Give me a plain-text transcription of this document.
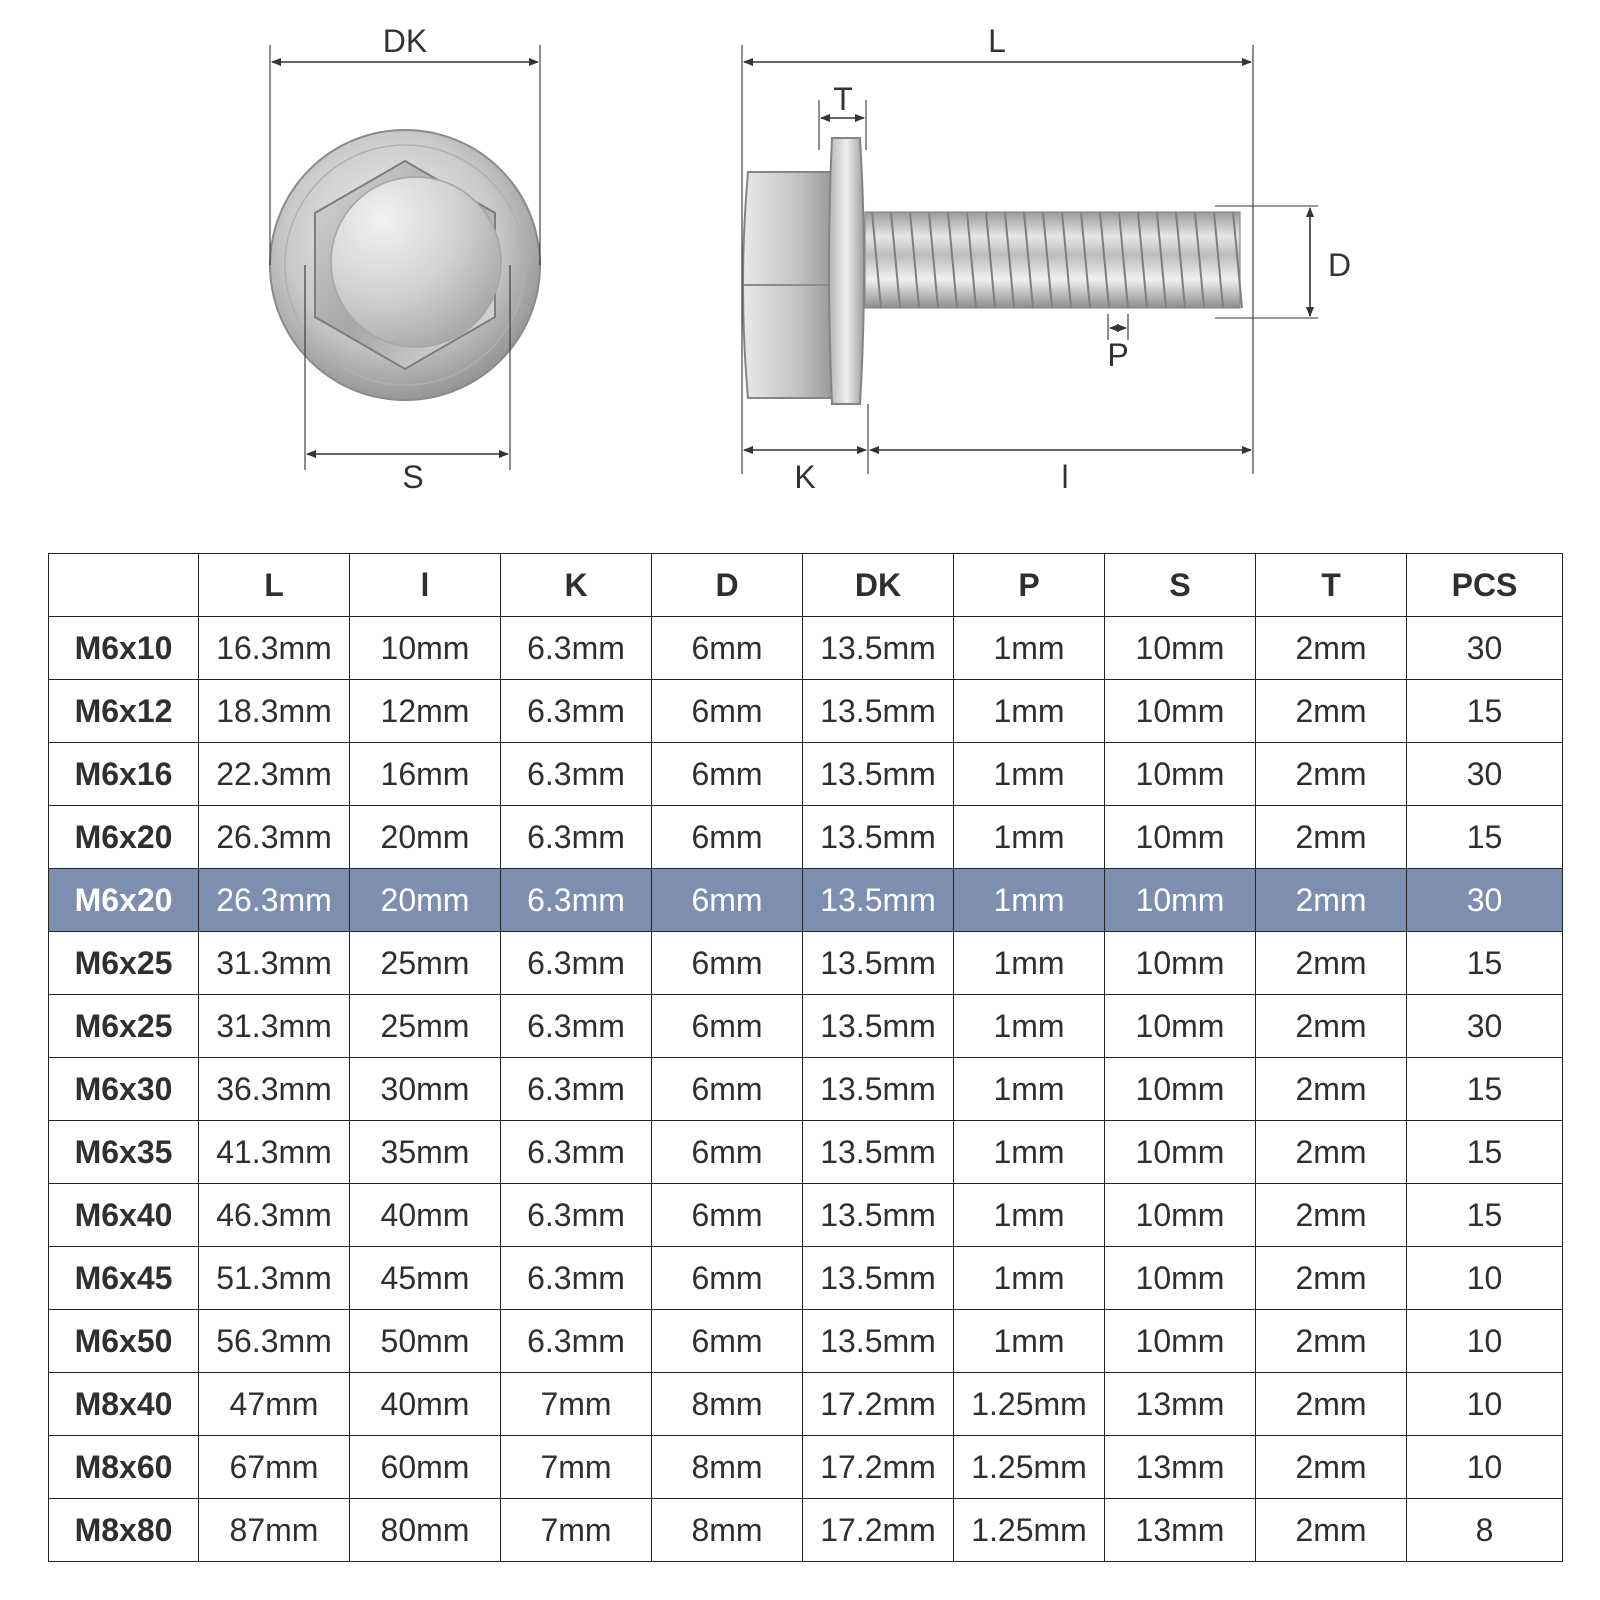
DK
S
L
T
D
P
K	l
	L	l	K	D	DK	P	S	T	PCS
M6x10	16.3mm	10mm	6.3mm	6mm	13.5mm	1mm	10mm	2mm	30
M6x12	18.3mm	12mm	6.3mm	6mm	13.5mm	1mm	10mm	2mm	15
M6x16	22.3mm	16mm	6.3mm	6mm	13.5mm	1mm	10mm	2mm	30
M6x20	26.3mm	20mm	6.3mm	6mm	13.5mm	1mm	10mm	2mm	15
M6x20	26.3mm	20mm	6.3mm	6mm	13.5mm	1mm	10mm	2mm	30
M6x25	31.3mm	25mm	6.3mm	6mm	13.5mm	1mm	10mm	2mm	15
M6x25	31.3mm	25mm	6.3mm	6mm	13.5mm	1mm	10mm	2mm	30
M6x30	36.3mm	30mm	6.3mm	6mm	13.5mm	1mm	10mm	2mm	15
M6x35	41.3mm	35mm	6.3mm	6mm	13.5mm	1mm	10mm	2mm	15
M6x40	46.3mm	40mm	6.3mm	6mm	13.5mm	1mm	10mm	2mm	15
M6x45	51.3mm	45mm	6.3mm	6mm	13.5mm	1mm	10mm	2mm	10
M6x50	56.3mm	50mm	6.3mm	6mm	13.5mm	1mm	10mm	2mm	10
M8x40	47mm	40mm	7mm	8mm	17.2mm	1.25mm	13mm	2mm	10
M8x60	67mm	60mm	7mm	8mm	17.2mm	1.25mm	13mm	2mm	10
M8x80	87mm	80mm	7mm	8mm	17.2mm	1.25mm	13mm	2mm	8
